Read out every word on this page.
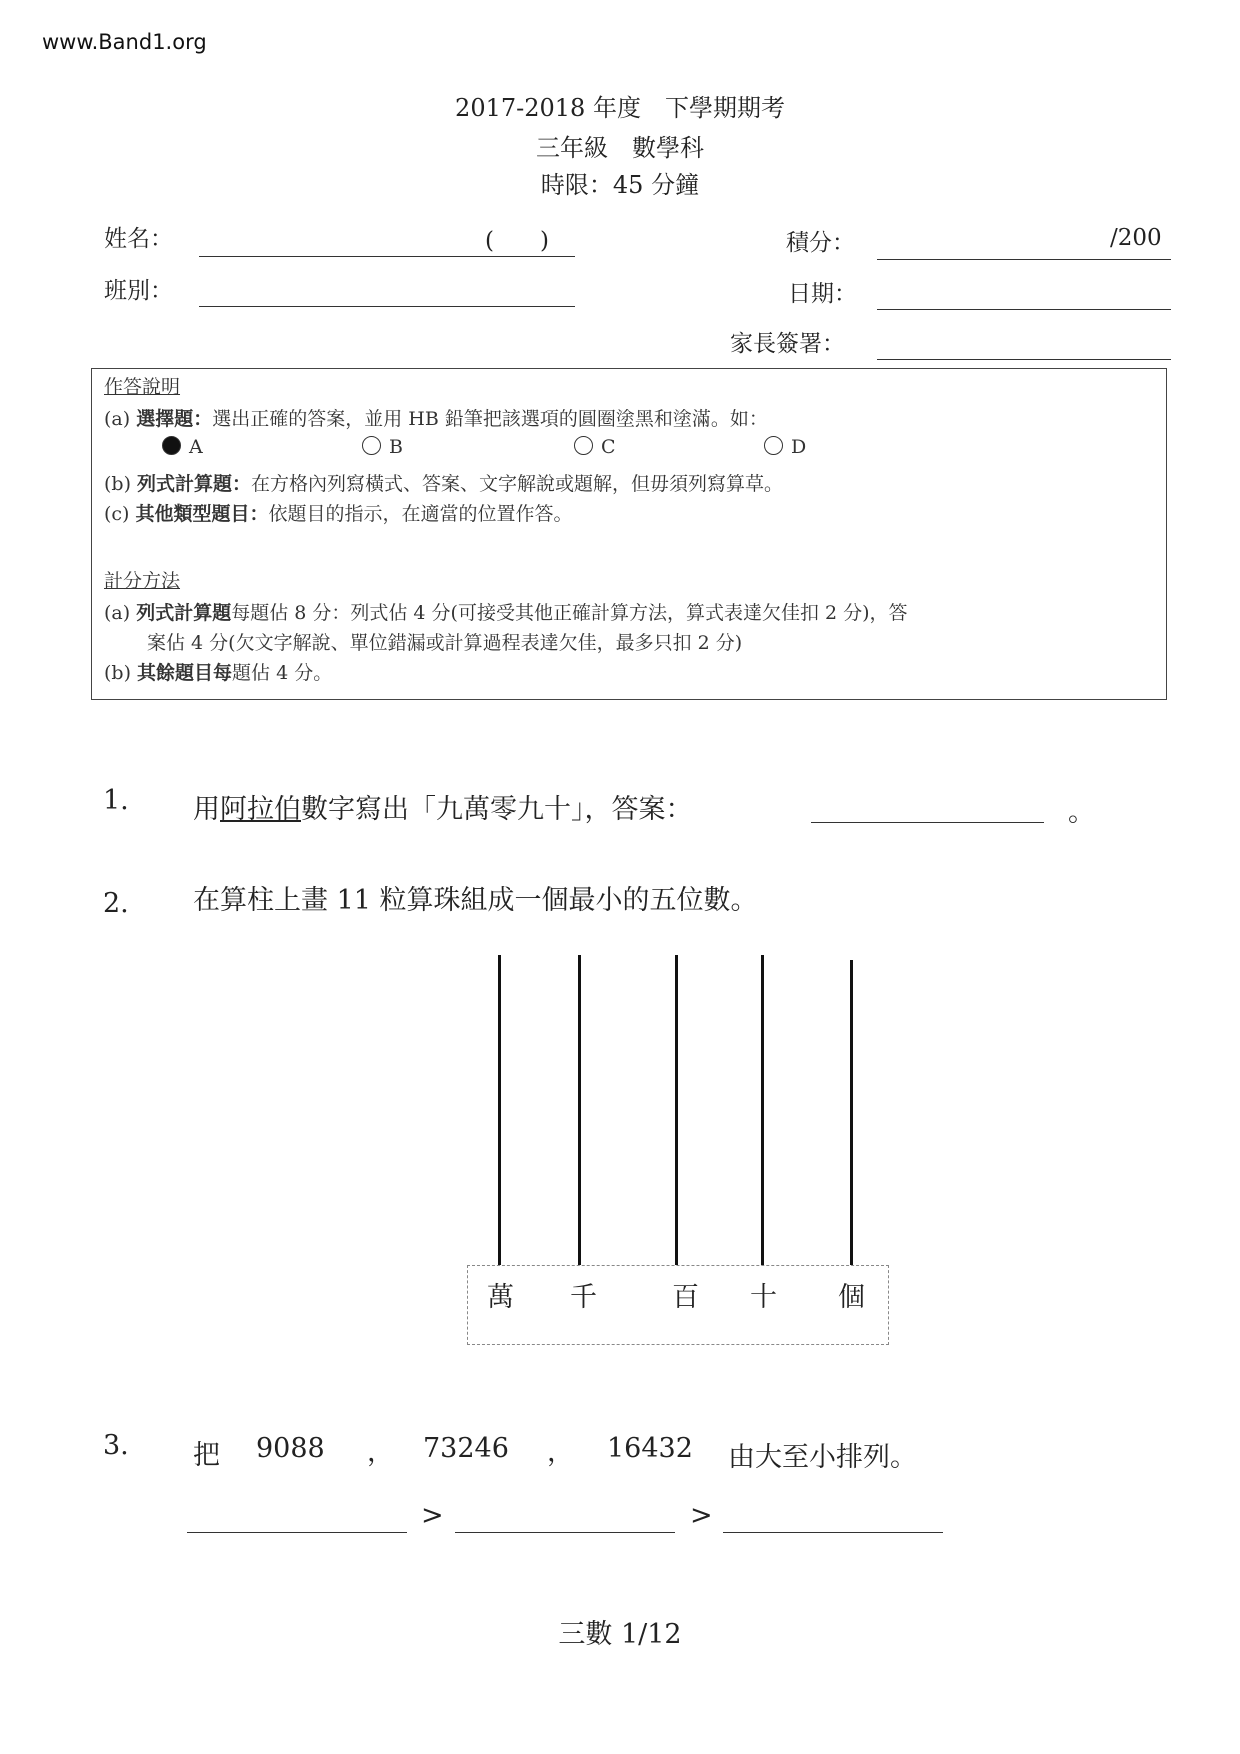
www.Band1.org
2017-2018 年度　下學期期考
三年級　數學科
時限：45 分鐘
姓名：	(　　)
班別：
積分：	/200
日期：
家長簽署：
作答說明
(a) 選擇題：選出正確的答案，並用 HB 鉛筆把該選項的圓圈塗黑和塗滿。如：
A	B	C	D
(b) 列式計算題：在方格內列寫橫式、答案、文字解說或題解，但毋須列寫算草。
(c) 其他類型題目：依題目的指示，在適當的位置作答。
計分方法
(a) 列式計算題每題佔 8 分：列式佔 4 分(可接受其他正確計算方法，算式表達欠佳扣 2 分)，答
案佔 4 分(欠文字解說、單位錯漏或計算過程表達欠佳，最多只扣 2 分)
(b) 其餘題目每題佔 4 分。
1. 用阿拉伯數字寫出「九萬零九十」，答案：	。
2. 在算柱上畫 11 粒算珠組成一個最小的五位數。
萬 千	百 十 個
3. 把 9088 ， 73246 ， 16432 由大至小排列。
>	>
三數 1/12
